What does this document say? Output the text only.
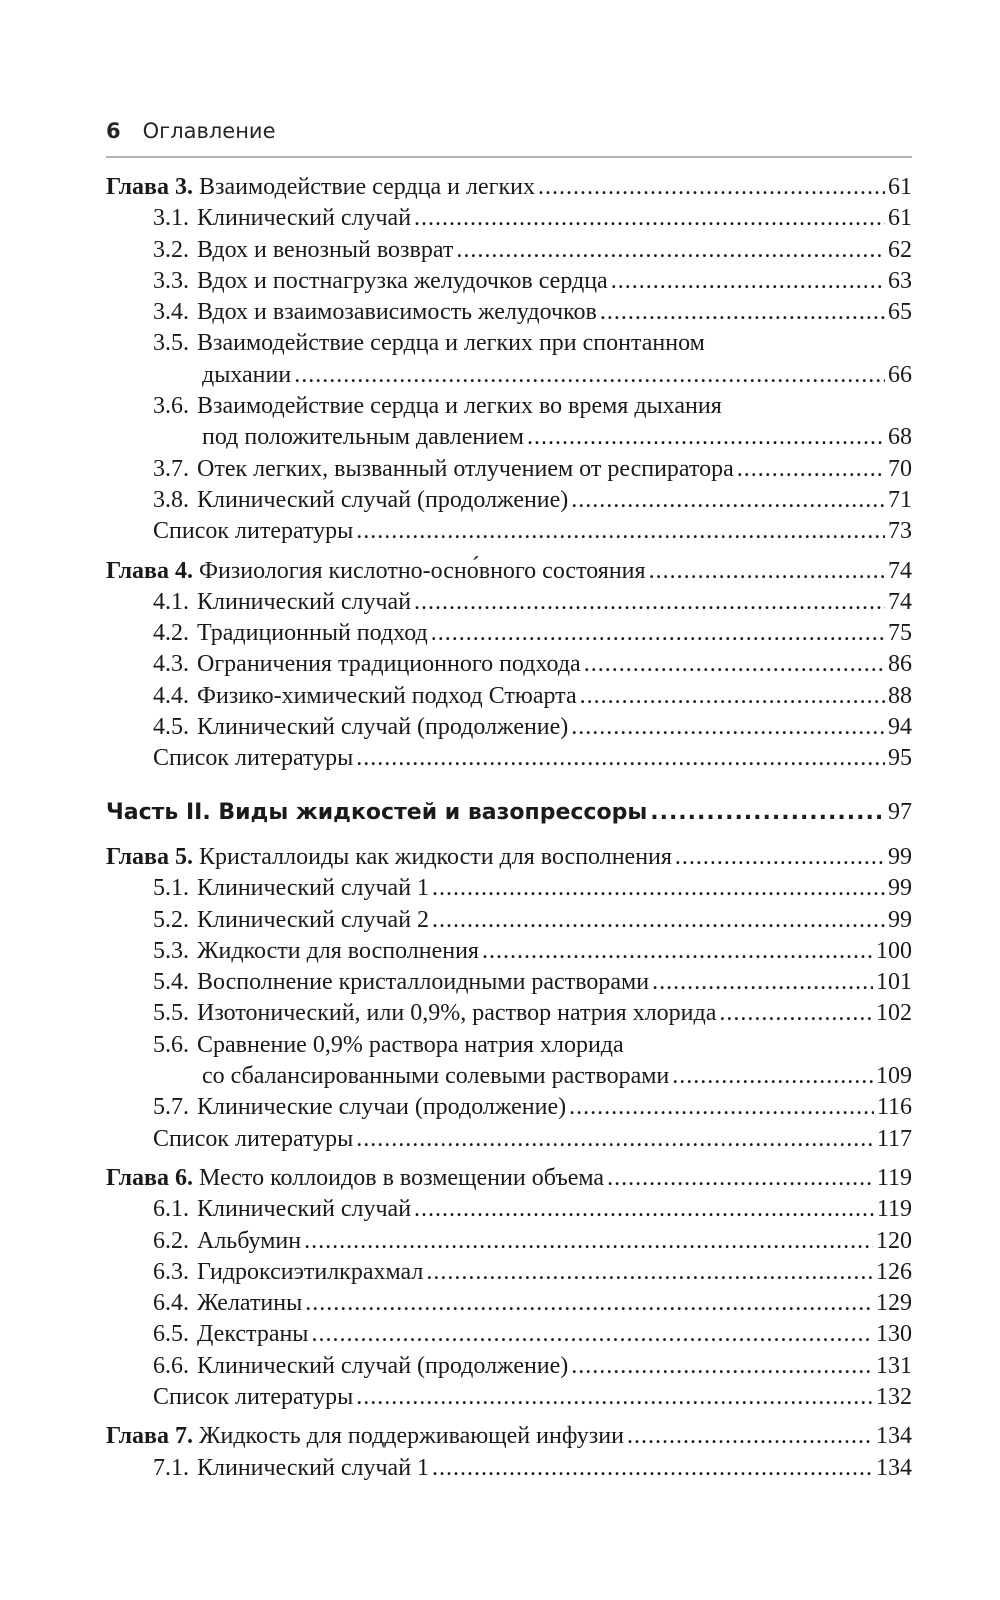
6 Оглавление
Глава 3. Взаимодействие сердца и легких .....	61
3.1. Клинический случай .....	61
3.2. Вдох и венозный возврат .....	62
3.3. Вдох и постнагрузка желудочков сердца .....	63
3.4. Вдох и взаимозависимость желудочков .....	65
3.5. Взаимодействие сердца и легких при спонтанном
дыхании .....	66
3.6. Взаимодействие сердца и легких во время дыхания
под положительным давлением .....	68
3.7. Отек легких, вызванный отлучением от респиратора .....	70
3.8. Клинический случай (продолжение) .....	71
Список литературы .....	73
Глава 4. Физиология кислотно-осно́вного состояния .....	74
4.1. Клинический случай .....	74
4.2. Традиционный подход .....	75
4.3. Ограничения традиционного подхода .....	86
4.4. Физико-химический подход Стюарта .....	88
4.5. Клинический случай (продолжение) .....	94
Список литературы .....	95
Часть II. Виды жидкостей и вазопрессоры .....	97
Глава 5. Кристаллоиды как жидкости для восполнения .....	99
5.1. Клинический случай 1 .....	99
5.2. Клинический случай 2 .....	99
5.3. Жидкости для восполнения .....	100
5.4. Восполнение кристаллоидными растворами .....	101
5.5. Изотонический, или 0,9%, раствор натрия хлорида .....	102
5.6. Сравнение 0,9% раствора натрия хлорида
со сбалансированными солевыми растворами .....	109
5.7. Клинические случаи (продолжение) .....	116
Список литературы .....	117
Глава 6. Место коллоидов в возмещении объема .....	119
6.1. Клинический случай .....	119
6.2. Альбумин .....	120
6.3. Гидроксиэтилкрахмал .....	126
6.4. Желатины .....	129
6.5. Декстраны .....	130
6.6. Клинический случай (продолжение) .....	131
Список литературы .....	132
Глава 7. Жидкость для поддерживающей инфузии .....	134
7.1. Клинический случай 1 .....	134
